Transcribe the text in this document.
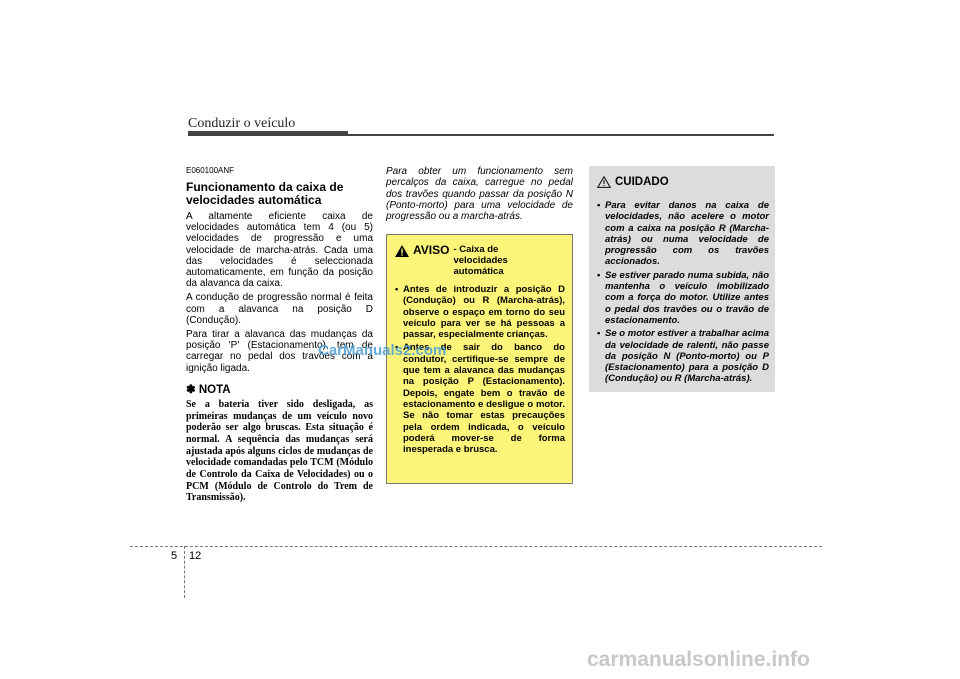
Conduzir o veículo
E060100ANF
Funcionamento da caixa de velocidades automática

A altamente eficiente caixa de velocidades automática tem 4 (ou 5) velocidades de progressão e uma velocidade de marcha-atrás. Cada uma das velocidades é seleccionada automaticamente, em função da posição da alavanca da caixa.

A condução de progressão normal é feita com a alavanca na posição D (Condução).

Para tirar a alavanca das mudanças da posição 'P' (Estacionamento), tem de carregar no pedal dos travões com a ignição ligada.

✽ NOTA
Se a bateria tiver sido desligada, as primeiras mudanças de um veículo novo poderão ser algo bruscas. Esta situação é normal. A sequência das mudanças será ajustada após alguns ciclos de mudanças de velocidade comandadas pelo TCM (Módulo de Controlo da Caixa de Velocidades) ou o PCM (Módulo de Controlo do Trem de Transmissão).
Para obter um funcionamento sem percalços da caixa, carregue no pedal dos travões quando passar da posição N (Ponto-morto) para uma velocidade de progressão ou a marcha-atrás.
AVISO - Caixa de velocidades automática
• Antes de introduzir a posição D (Condução) ou R (Marcha-atrás), observe o espaço em torno do seu veículo para ver se há pessoas a passar, especialmente crianças.
• Antes de sair do banco do condutor, certifique-se sempre de que tem a alavanca das mudanças na posição P (Estacionamento). Depois, engate bem o travão de estacionamento e desligue o motor. Se não tomar estas precauções pela ordem indicada, o veículo poderá mover-se de forma inesperada e brusca.
CUIDADO
• Para evitar danos na caixa de velocidades, não acelere o motor com a caixa na posição R (Marcha-atrás) ou numa velocidade de progressão com os travões accionados.
• Se estiver parado numa subida, não mantenha o veículo imobilizado com a força do motor. Utilize antes o pedal dos travões ou o travão de estacionamento.
• Se o motor estiver a trabalhar acima da velocidade de ralenti, não passe da posição N (Ponto-morto) ou P (Estacionamento) para a posição D (Condução) ou R (Marcha-atrás).
5 12
CarManuals2.com
carmanualsonline.info
